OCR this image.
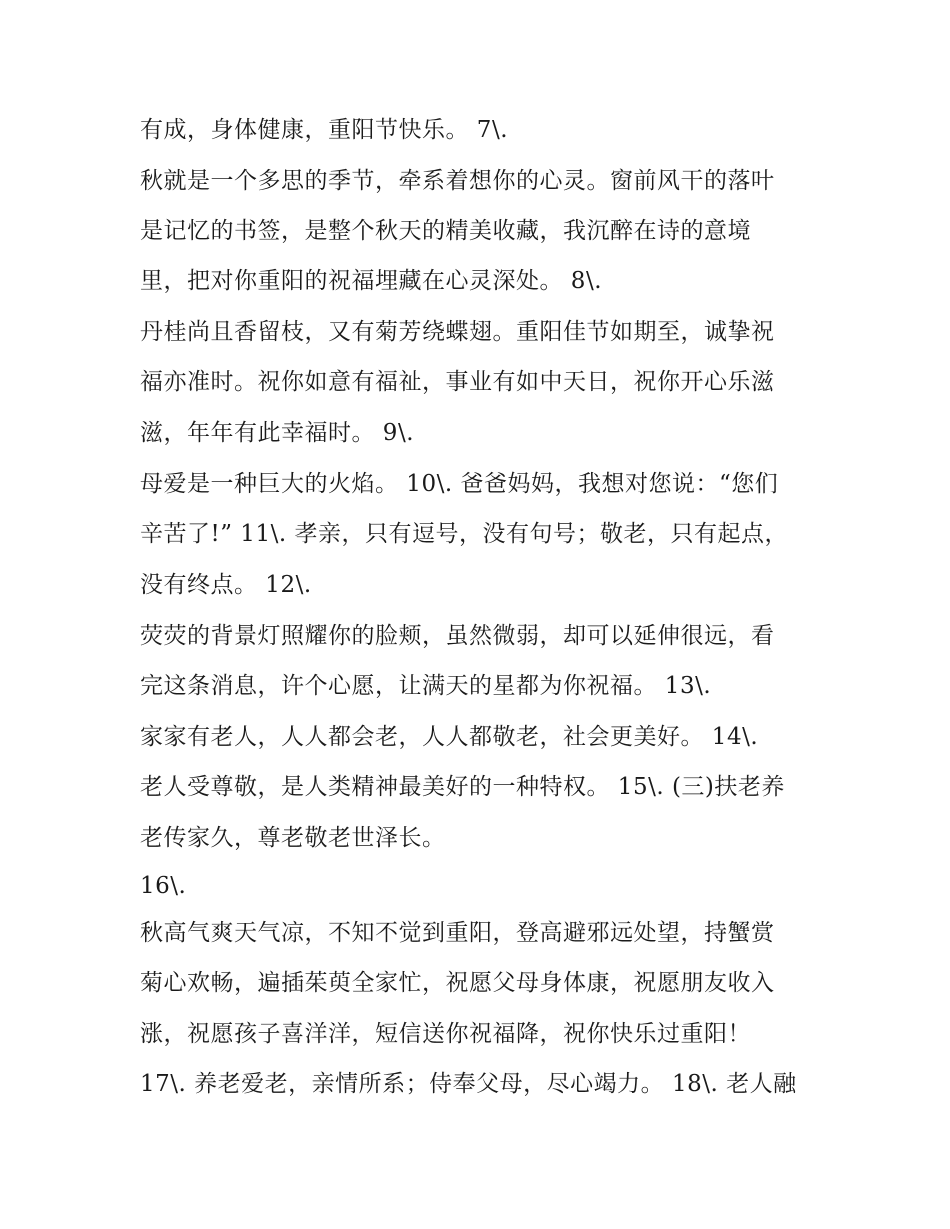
有成，身体健康，重阳节快乐。 7\.
秋就是一个多思的季节，牵系着想你的心灵。窗前风干的落叶
是记忆的书签，是整个秋天的精美收藏，我沉醉在诗的意境
里，把对你重阳的祝福埋藏在心灵深处。 8\.
丹桂尚且香留枝，又有菊芳绕蝶翅。重阳佳节如期至，诚挚祝
福亦准时。祝你如意有福祉，事业有如中天日，祝你开心乐滋
滋，年年有此幸福时。 9\.
母爱是一种巨大的火焰。 10\. 爸爸妈妈，我想对您说：“您们
辛苦了!” 11\. 孝亲，只有逗号，没有句号；敬老，只有起点，
没有终点。 12\.
荧荧的背景灯照耀你的脸颊，虽然微弱，却可以延伸很远，看
完这条消息，许个心愿，让满天的星都为你祝福。 13\.
家家有老人，人人都会老，人人都敬老，社会更美好。 14\.
老人受尊敬，是人类精神最美好的一种特权。 15\. (三)扶老养
老传家久，尊老敬老世泽长。
16\.
秋高气爽天气凉，不知不觉到重阳，登高避邪远处望，持蟹赏
菊心欢畅，遍插茱萸全家忙，祝愿父母身体康，祝愿朋友收入
涨，祝愿孩子喜洋洋，短信送你祝福降，祝你快乐过重阳！
17\. 养老爱老，亲情所系；侍奉父母，尽心竭力。 18\. 老人融
